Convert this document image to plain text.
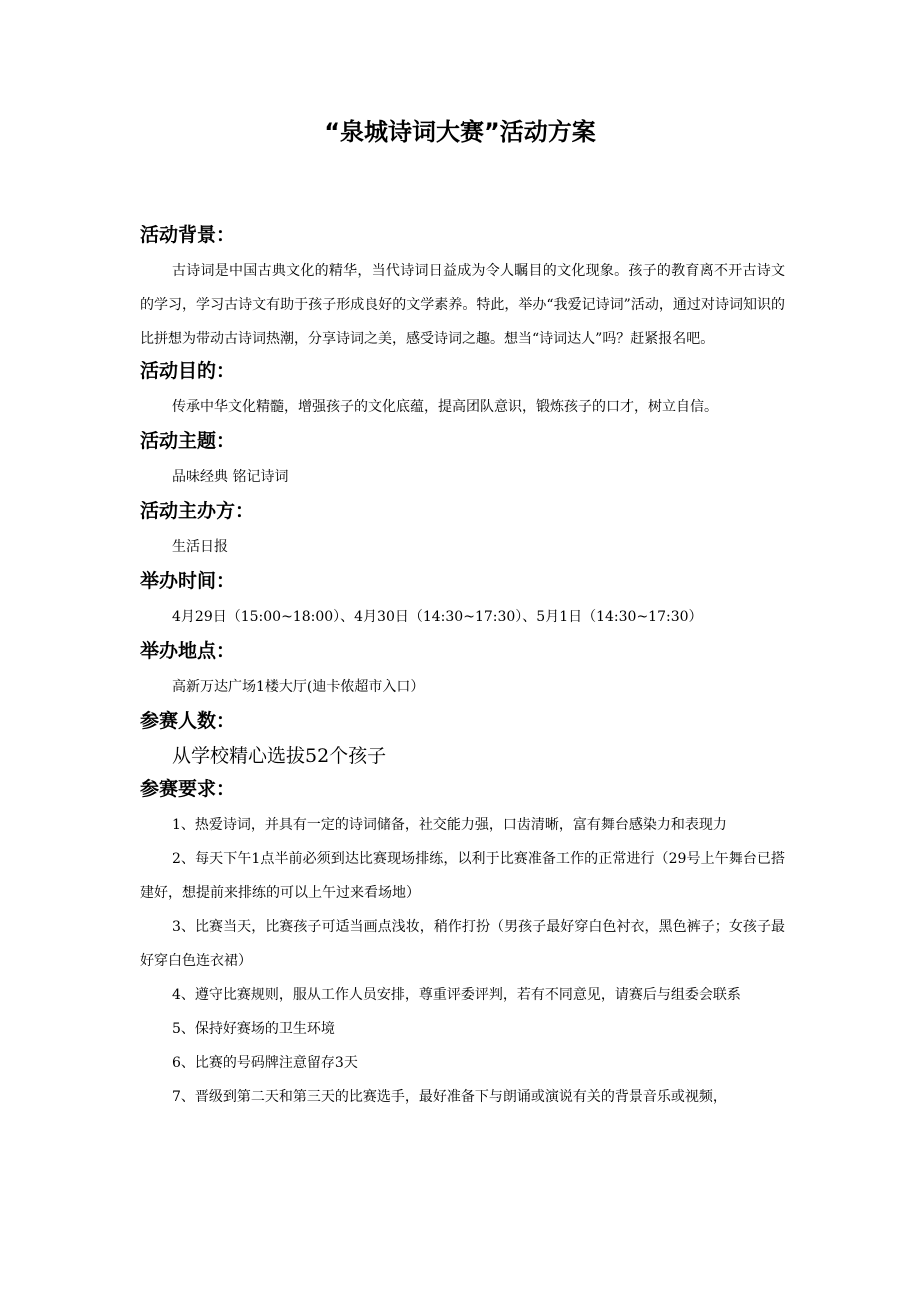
“泉城诗词大赛”活动方案
活动背景：

古诗词是中国古典文化的精华，当代诗词日益成为令人瞩目的文化现象。孩子的教育离不开古诗文的学习，学习古诗文有助于孩子形成良好的文学素养。特此，举办“我爱记诗词”活动，通过对诗词知识的比拼想为带动古诗词热潮，分享诗词之美，感受诗词之趣。想当“诗词达人”吗？赶紧报名吧。

活动目的：

传承中华文化精髓，增强孩子的文化底蕴，提高团队意识，锻炼孩子的口才，树立自信。

活动主题：

品味经典 铭记诗词

活动主办方：

生活日报

举办时间：

4月29日（15:00~18:00）、4月30日（14:30~17:30）、5月1日（14:30~17:30）

举办地点：

高新万达广场1楼大厅(迪卡侬超市入口）

参赛人数：

从学校精心选拔52个孩子

参赛要求：
1、热爱诗词，并具有一定的诗词储备，社交能力强，口齿清晰，富有舞台感染力和表现力
2、每天下午1点半前必须到达比赛现场排练，以利于比赛准备工作的正常进行（29号上午舞台已搭建好，想提前来排练的可以上午过来看场地）
3、比赛当天，比赛孩子可适当画点浅妆，稍作打扮（男孩子最好穿白色衬衣，黑色裤子；女孩子最好穿白色连衣裙）
4、遵守比赛规则，服从工作人员安排，尊重评委评判，若有不同意见，请赛后与组委会联系
5、保持好赛场的卫生环境
6、比赛的号码牌注意留存3天
7、晋级到第二天和第三天的比赛选手，最好准备下与朗诵或演说有关的背景音乐或视频，
